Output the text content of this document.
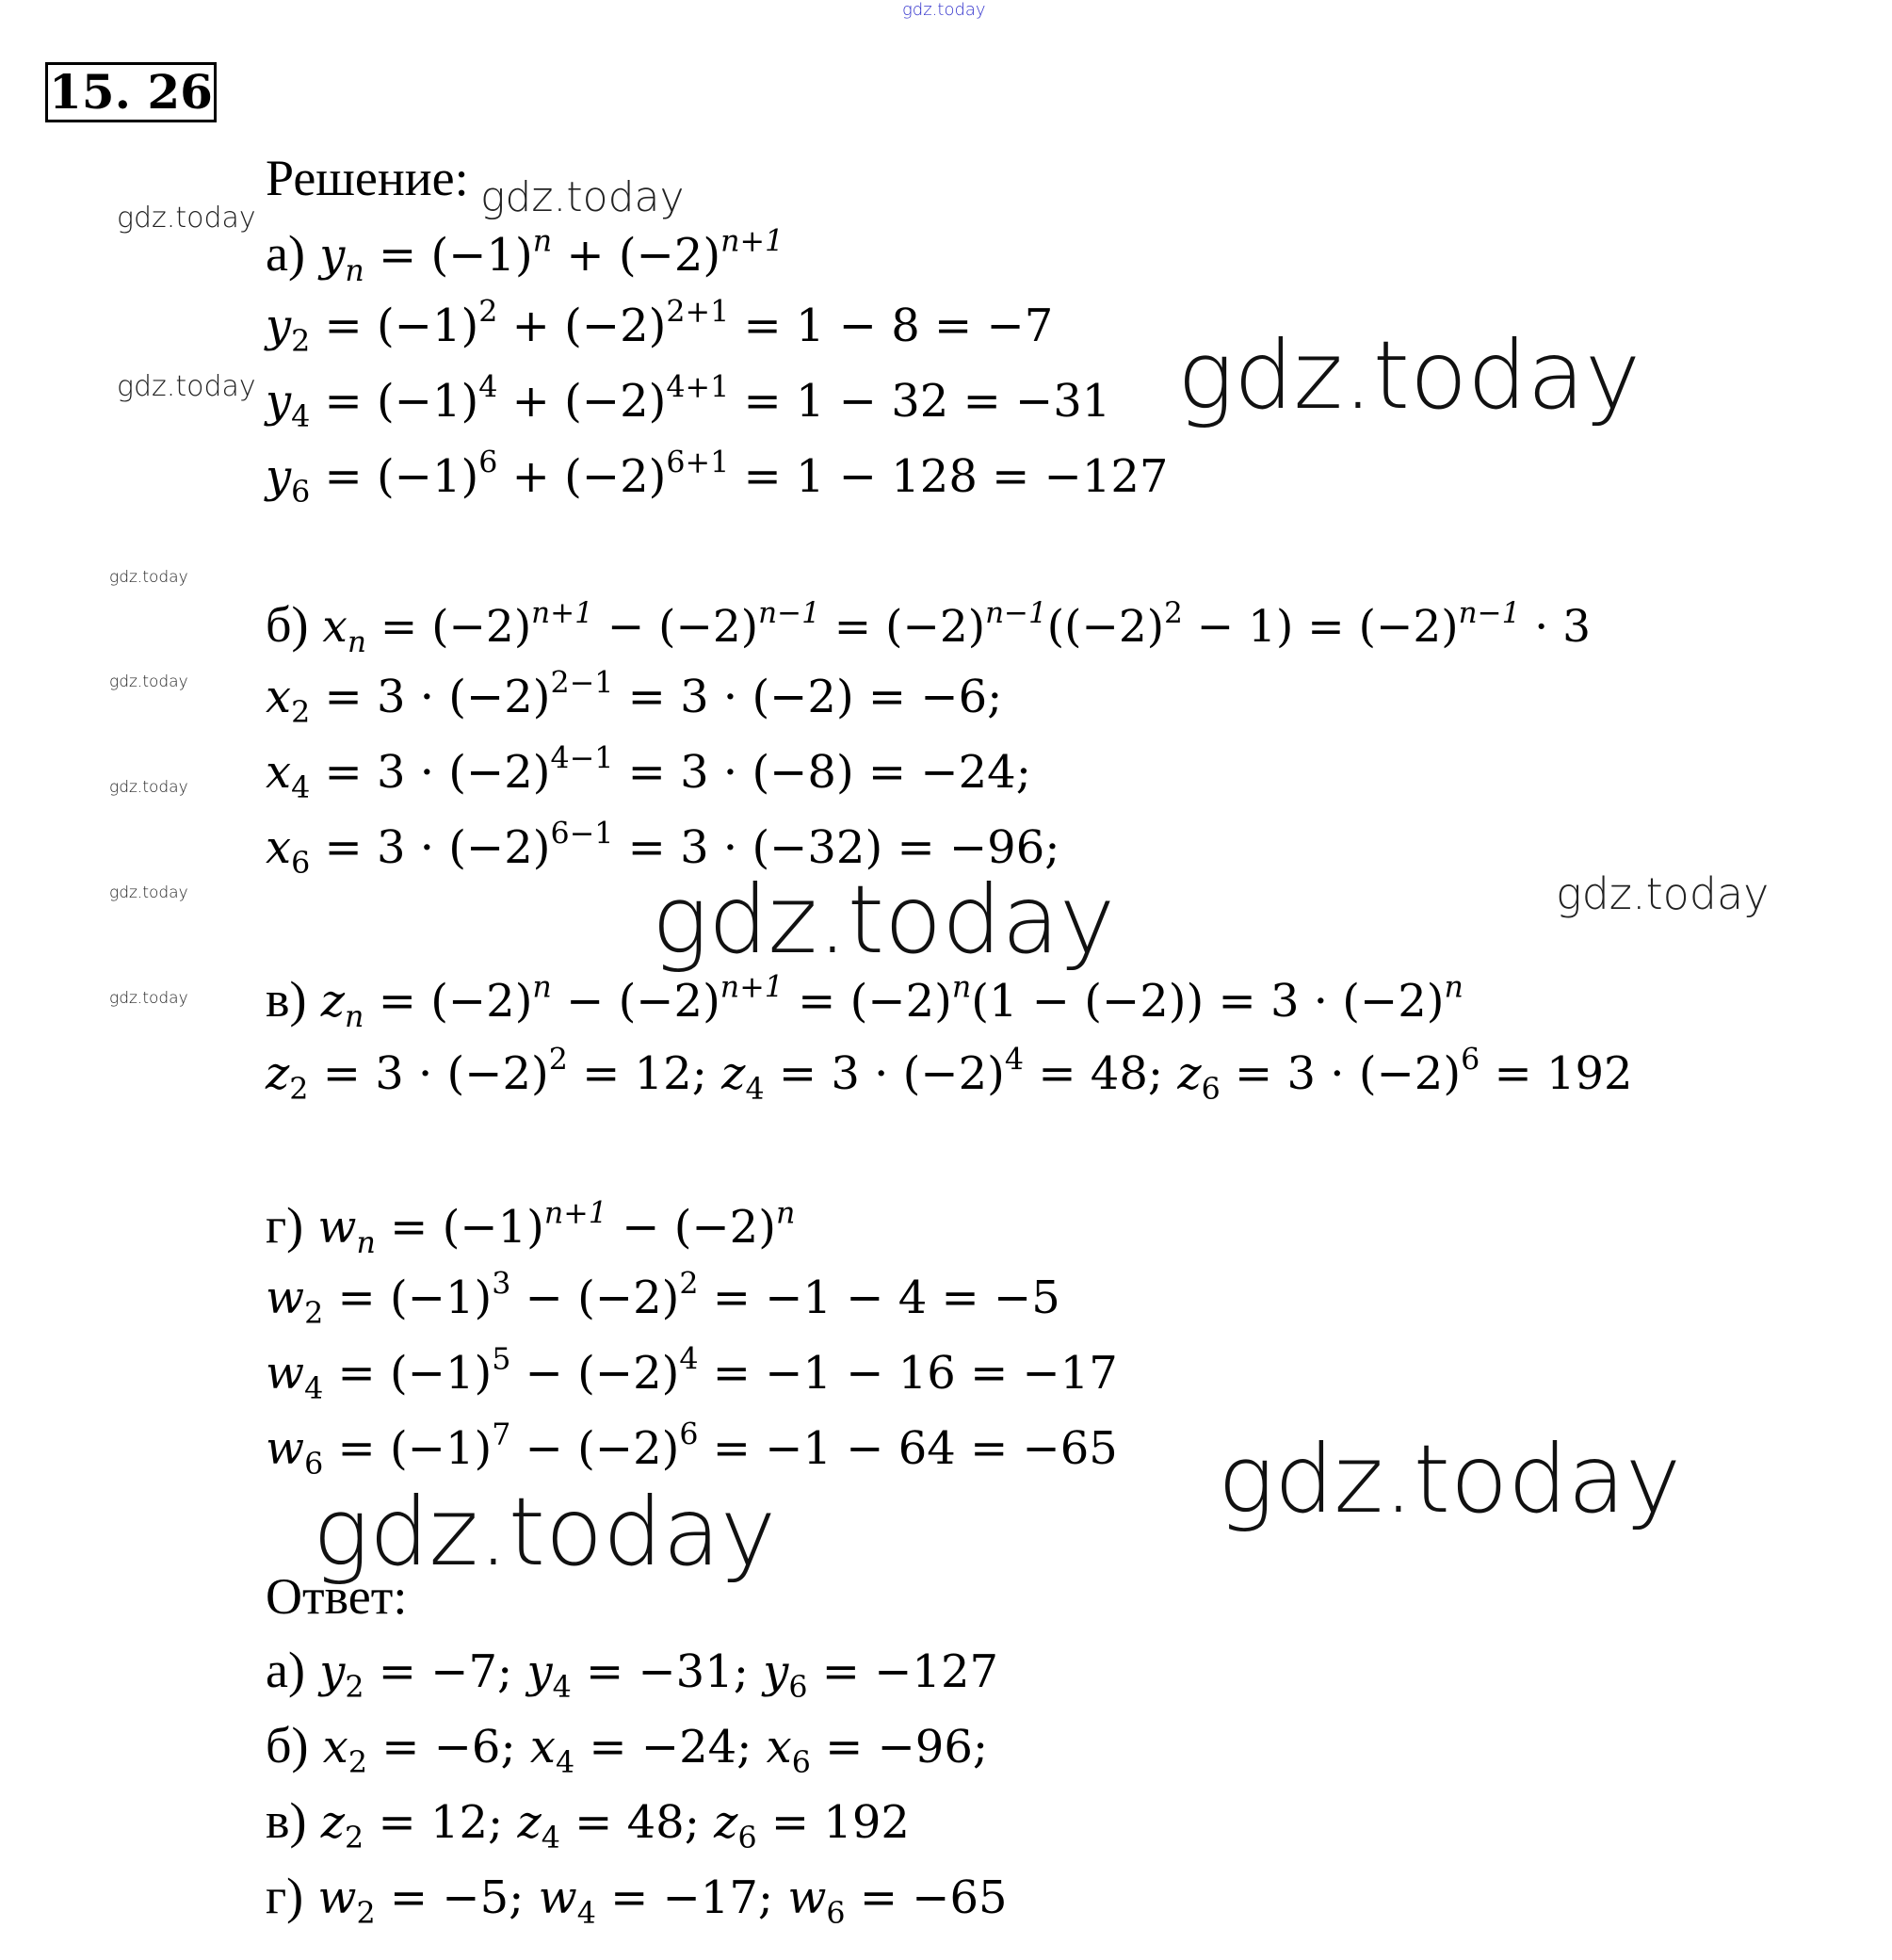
gdz.today
gdz.today
gdz.today
gdz.today	gdz.today
gdz.today
gdz.today
gdz.today
gdz.today
gdz.today
gdz.today	gdz.today
gdz.today
gdz.today
15. 26
Решение:
а) $y_n = (-1)^n + (-2)^{n+1}$
$y_2 = (-1)^2 + (-2)^{2+1} = 1 - 8 = -7$
$y_4 = (-1)^4 + (-2)^{4+1} = 1 - 32 = -31$
$y_6 = (-1)^6 + (-2)^{6+1} = 1 - 128 = -127$
б) $x_n = (-2)^{n+1} - (-2)^{n-1} = (-2)^{n-1}((-2)^2 - 1) = (-2)^{n-1} \cdot 3$
$x_2 = 3 \cdot (-2)^{2-1} = 3 \cdot (-2) = -6$;
$x_4 = 3 \cdot (-2)^{4-1} = 3 \cdot (-8) = -24$;
$x_6 = 3 \cdot (-2)^{6-1} = 3 \cdot (-32) = -96$;
в) $z_n = (-2)^n - (-2)^{n+1} = (-2)^n(1 - (-2)) = 3 \cdot (-2)^n$
$z_2 = 3 \cdot (-2)^2 = 12$; $z_4 = 3 \cdot (-2)^4 = 48$; $z_6 = 3 \cdot (-2)^6 = 192$
г) $w_n = (-1)^{n+1} - (-2)^n$
$w_2 = (-1)^3 - (-2)^2 = -1 - 4 = -5$
$w_4 = (-1)^5 - (-2)^4 = -1 - 16 = -17$
$w_6 = (-1)^7 - (-2)^6 = -1 - 64 = -65$
Ответ:
а) $y_2 = -7$; $y_4 = -31$; $y_6 = -127$
б) $x_2 = -6$; $x_4 = -24$; $x_6 = -96$;
в) $z_2 = 12$; $z_4 = 48$; $z_6 = 192$
г) $w_2 = -5$; $w_4 = -17$; $w_6 = -65$
